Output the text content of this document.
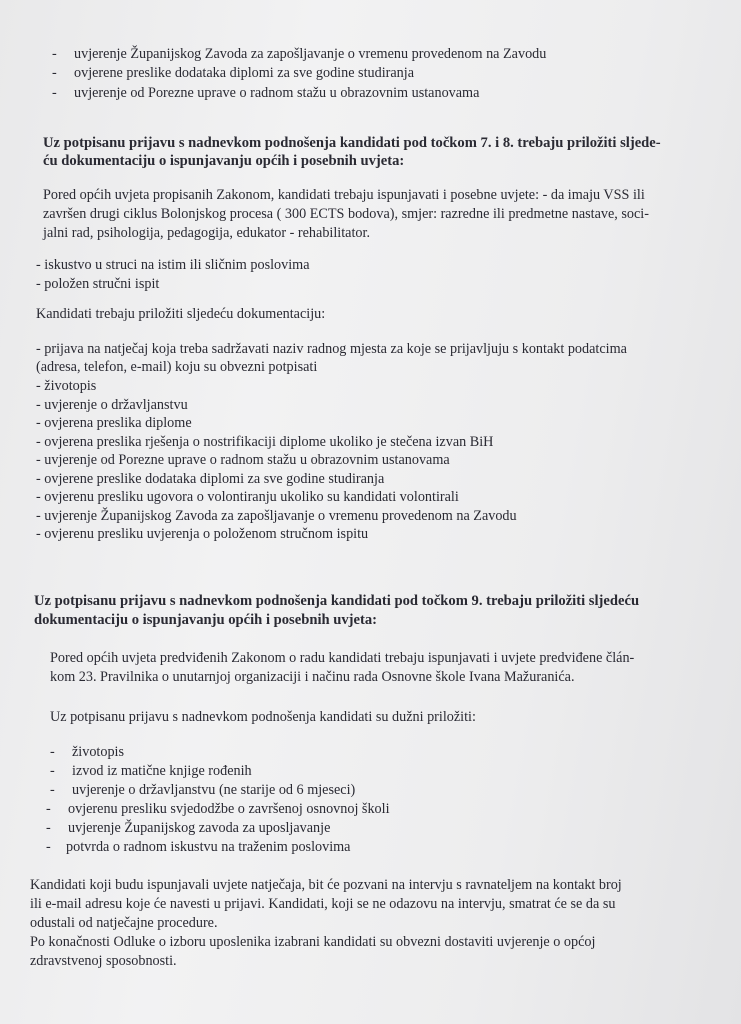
- uvjerenje Županijskog Zavoda za zapošljavanje o vremenu provedenom na Zavodu
- ovjerene preslike dodataka diplomi za sve godine studiranja
- uvjerenje od Porezne uprave o radnom stažu u obrazovnim ustanovama
Uz potpisanu prijavu s nadnevkom podnošenja kandidati pod točkom 7. i 8. trebaju priložiti sljede-
ću dokumentaciju o ispunjavanju općih i posebnih uvjeta:
Pored općih uvjeta propisanih Zakonom, kandidati trebaju ispunjavati i posebne uvjete: - da imaju VSS ili
završen drugi ciklus Bolonjskog procesa ( 300 ECTS bodova), smjer: razredne ili predmetne nastave, soci-
jalni rad, psihologija, pedagogija, edukator - rehabilitator.
- iskustvo u struci na istim ili sličnim poslovima
- položen stručni ispit
Kandidati trebaju priložiti sljedeću dokumentaciju:
- prijava na natječaj koja treba sadržavati naziv radnog mjesta za koje se prijavljuju s kontakt podatcima
(adresa, telefon, e-mail) koju su obvezni potpisati
- životopis
- uvjerenje o državljanstvu
- ovjerena preslika diplome
- ovjerena preslika rješenja o nostrifikaciji diplome ukoliko je stečena izvan BiH
- uvjerenje od Porezne uprave o radnom stažu u obrazovnim ustanovama
- ovjerene preslike dodataka diplomi za sve godine studiranja
- ovjerenu presliku ugovora o volontiranju ukoliko su kandidati volontirali
- uvjerenje Županijskog Zavoda za zapošljavanje o vremenu provedenom na Zavodu
- ovjerenu presliku uvjerenja o položenom stručnom ispitu
Uz potpisanu prijavu s nadnevkom podnošenja kandidati pod točkom 9. trebaju priložiti sljedeću
dokumentaciju o ispunjavanju općih i posebnih uvjeta:
Pored općih uvjeta predviđenih Zakonom o radu kandidati trebaju ispunjavati i uvjete predviđene člán-
kom 23. Pravilnika o unutarnjoj organizaciji i načinu rada Osnovne škole Ivana Mažuranića.
Uz potpisanu prijavu s nadnevkom podnošenja kandidati su dužni priložiti:
- životopis
- izvod iz matične knjige rođenih
- uvjerenje o državljanstvu (ne starije od 6 mjeseci)
- ovjerenu presliku svjedodžbe o završenoj osnovnoj školi
- uvjerenje Županijskog zavoda za uposljavanje
- potvrda o radnom iskustvu na traženim poslovima
Kandidati koji budu ispunjavali uvjete natječaja, bit će pozvani na intervju s ravnateljem na kontakt broj
ili e-mail adresu koje će navesti u prijavi. Kandidati, koji se ne odazovu na intervju, smatrat će se da su
odustali od natječajne procedure.
Po konačnosti Odluke o izboru uposlenika izabrani kandidati su obvezni dostaviti uvjerenje o općoj
zdravstvenoj sposobnosti.
